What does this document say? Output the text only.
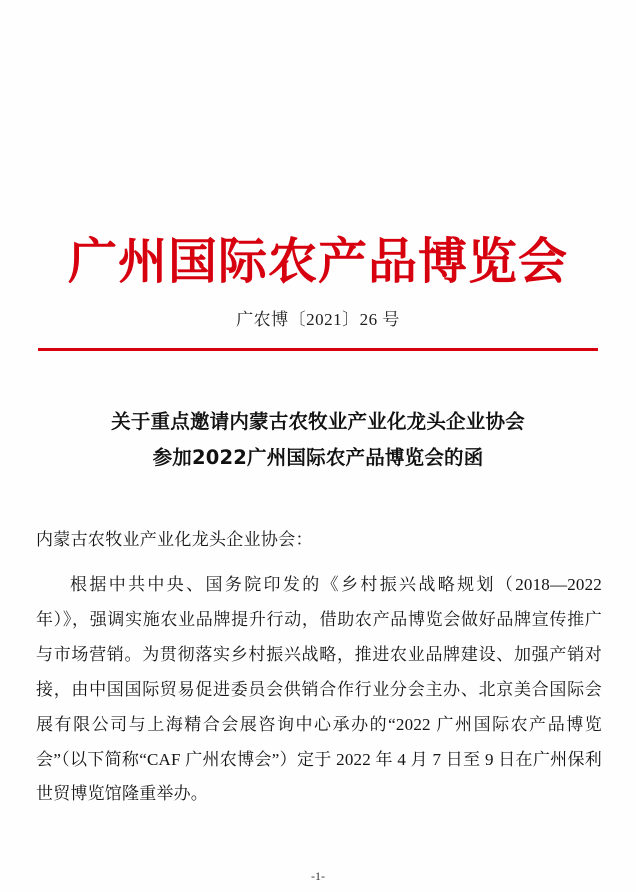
广州国际农产品博览会
广农博〔2021〕26 号
关于重点邀请内蒙古农牧业产业化龙头企业协会
参加2022广州国际农产品博览会的函
内蒙古农牧业产业化龙头企业协会：

根据中共中央、国务院印发的《乡村振兴战略规划（2018—2022年）》，强调实施农业品牌提升行动，借助农产品博览会做好品牌宣传推广与市场营销。为贯彻落实乡村振兴战略，推进农业品牌建设、加强产销对接，由中国国际贸易促进委员会供销合作行业分会主办、北京美合国际会展有限公司与上海精合会展咨询中心承办的“2022 广州国际农产品博览会”（以下简称“CAF 广州农博会”）定于 2022 年 4 月 7 日至 9 日在广州保利世贸博览馆隆重举办。

-1-
